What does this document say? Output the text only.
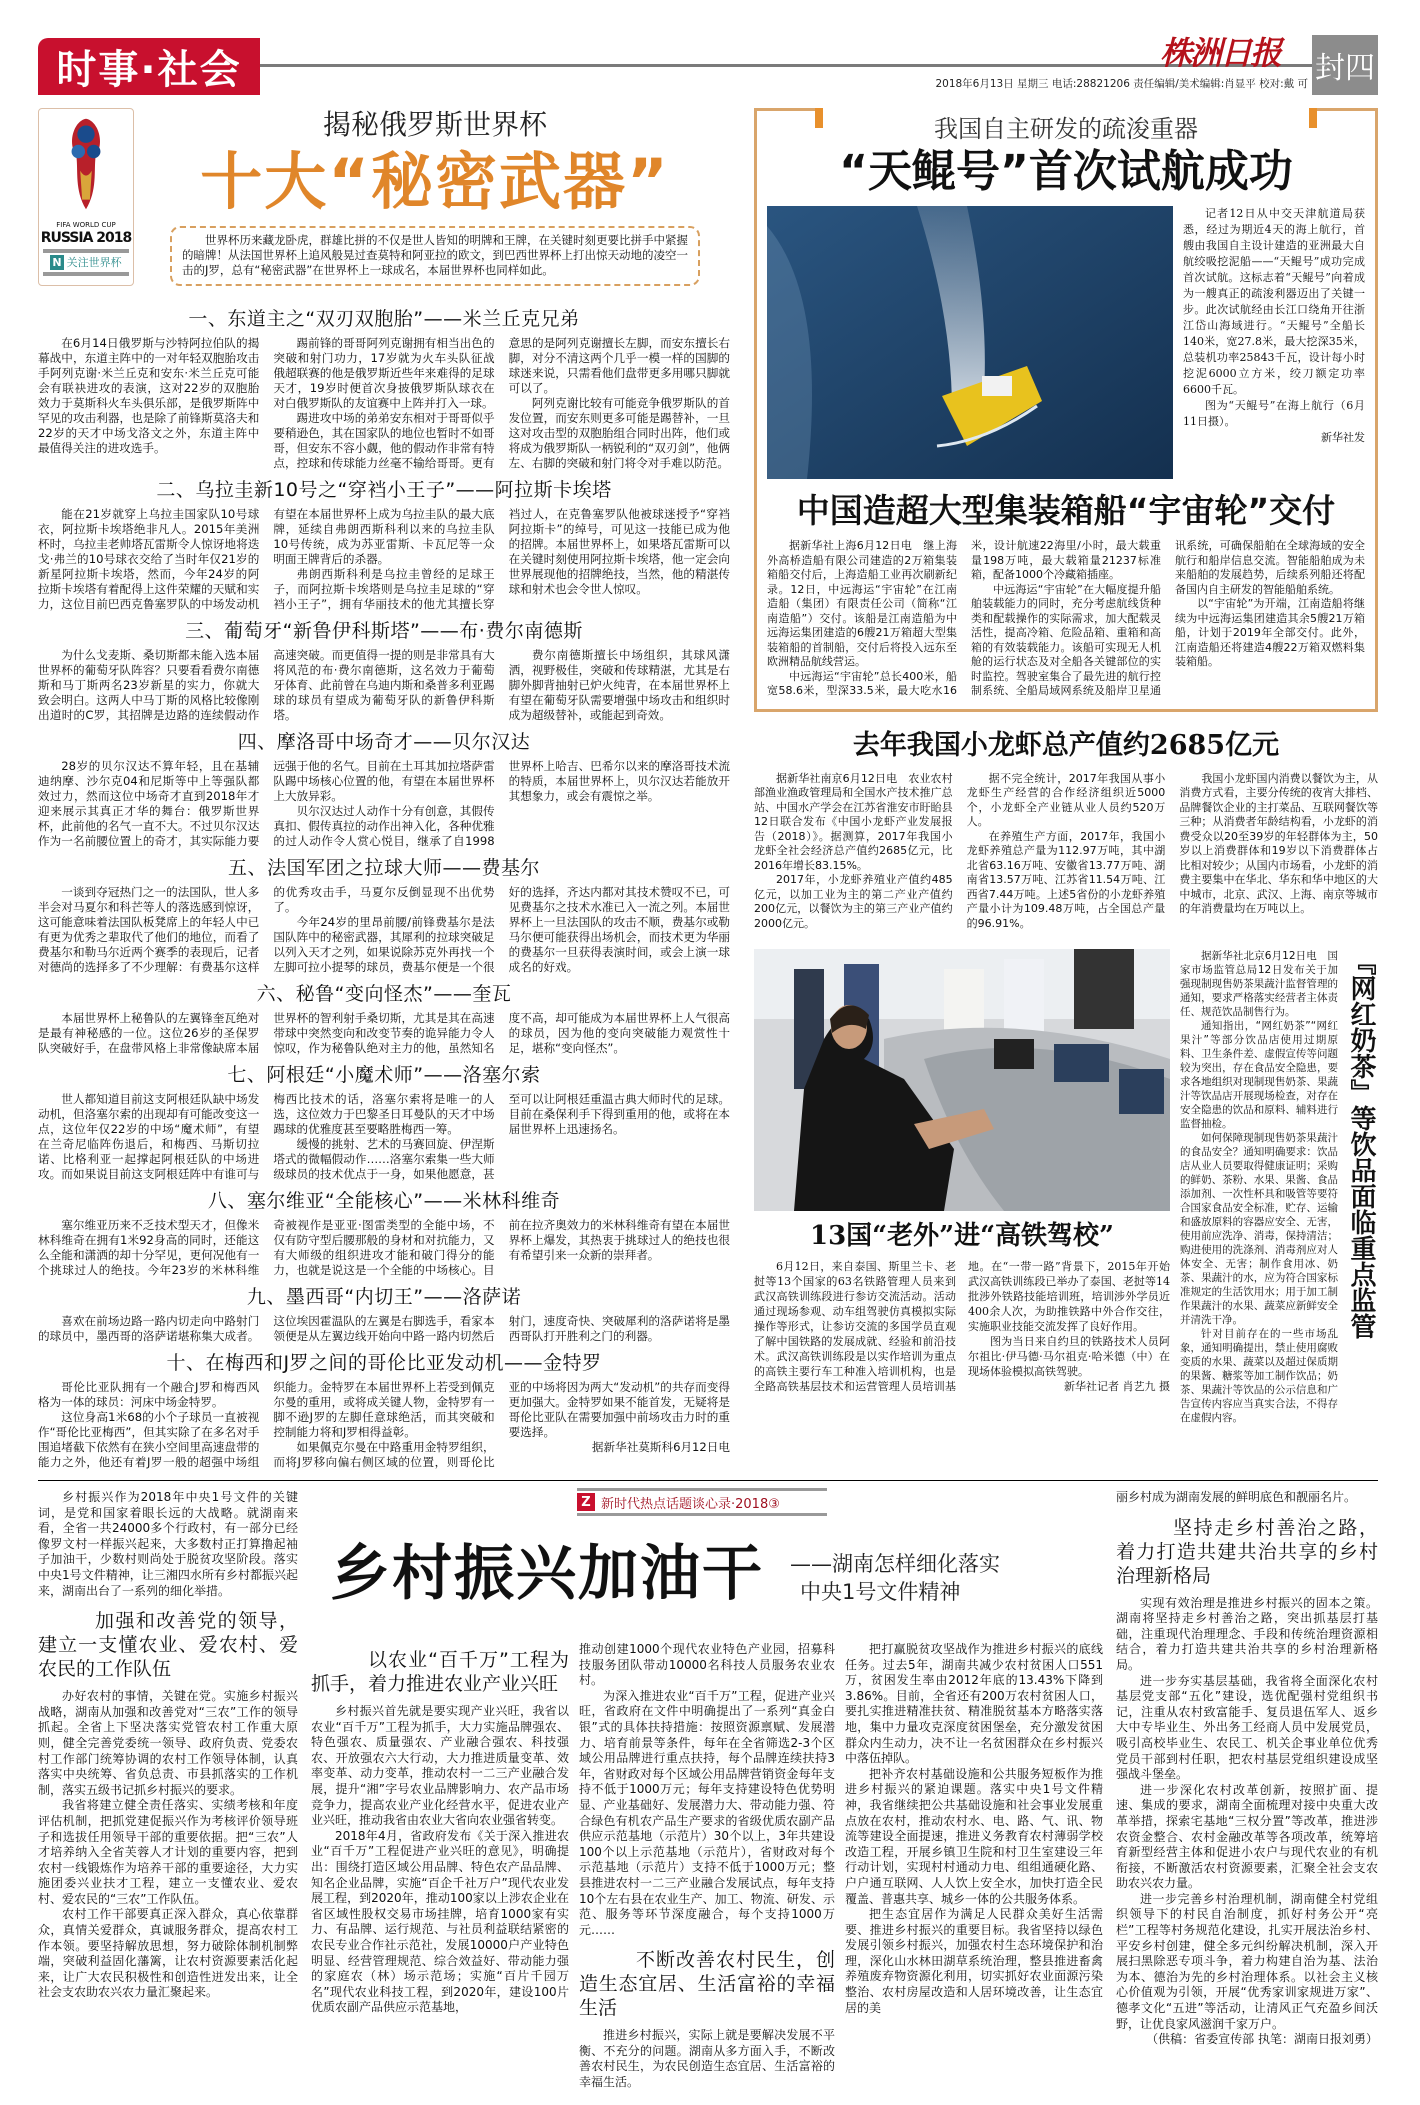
时事·社会	株洲日报	封四
2018年6月13日 星期三 电话:28821206 责任编辑/美术编辑:肖显平 校对:戴 可
FIFA WORLD CUP
RUSSIA 2018
N 关注世界杯
揭秘俄罗斯世界杯
十大“秘密武器”
世界杯历来藏龙卧虎，群雄比拼的不仅是世人皆知的明牌和王牌，在关键时刻更要比拼手中紧握的暗牌！从法国世界杯上追风般晃过查莫特和阿亚拉的欧文，到巴西世界杯上打出惊天动地的凌空一击的J罗，总有“秘密武器”在世界杯上一球成名，本届世界杯也同样如此。
一、东道主之“双刃双胞胎”——米兰丘克兄弟

在6月14日俄罗斯与沙特阿拉伯队的揭幕战中，东道主阵中的一对年轻双胞胎攻击手阿列克谢·米兰丘克和安东·米兰丘克可能会有联袂进攻的表演，这对22岁的双胞胎效力于莫斯科火车头俱乐部，是俄罗斯阵中罕见的攻击利器，也是除了前锋斯莫洛夫和22岁的天才中场戈洛文之外，东道主阵中最值得关注的进攻选手。

踢前锋的哥哥阿列克谢拥有相当出色的突破和射门功力，17岁就为火车头队征战俄超联赛的他是俄罗斯近些年来难得的足球天才，19岁时便首次身披俄罗斯队球衣在对白俄罗斯队的友谊赛中上阵并打入一球。

踢进攻中场的弟弟安东相对于哥哥似乎要稍逊色，其在国家队的地位也暂时不如哥哥，但安东不容小觑，他的假动作非常有特点，控球和传球能力丝毫不输给哥哥。更有意思的是阿列克谢擅长左脚，而安东擅长右脚，对分不清这两个几乎一模一样的国脚的球迷来说，只需看他们盘带更多用哪只脚就可以了。

阿列克谢比较有可能竞争俄罗斯队的首发位置，而安东则更多可能是踢替补，一旦这对攻击型的双胞胎组合同时出阵，他们或将成为俄罗斯队一柄锐利的“双刃剑”，他俩左、右脚的突破和射门将令对手难以防范。

二、乌拉圭新10号之“穿裆小王子”——阿拉斯卡埃塔

能在21岁就穿上乌拉圭国家队10号球衣，阿拉斯卡埃塔绝非凡人。2015年美洲杯时，乌拉圭老帅塔瓦雷斯令人惊讶地将迭戈·弗兰的10号球衣交给了当时年仅21岁的新星阿拉斯卡埃塔，然而，今年24岁的阿拉斯卡埃塔有着配得上这件荣耀的天赋和实力，这位目前巴西克鲁塞罗队的中场发动机有望在本届世界杯上成为乌拉圭队的最大底牌，延续自弗朗西斯科利以来的乌拉圭队10号传统，成为苏亚雷斯、卡瓦尼等一众明面王牌背后的杀器。

弗朗西斯科利是乌拉圭曾经的足球王子，而阿拉斯卡埃塔则是乌拉圭足球的“穿裆小王子”，拥有华丽技术的他尤其擅长穿裆过人，在克鲁塞罗队他被球迷授予“穿裆阿拉斯卡”的绰号，可见这一技能已成为他的招牌。本届世界杯上，如果塔瓦雷斯可以在关键时刻使用阿拉斯卡埃塔，他一定会向世界展现他的招牌绝技，当然，他的精湛传球和射术也会令世人惊叹。

三、葡萄牙“新鲁伊科斯塔”——布·费尔南德斯

为什么戈麦斯、桑切斯都未能入选本届世界杯的葡萄牙队阵容？只要看看费尔南德斯和马丁斯两名23岁新星的实力，你就大致会明白。这两人中马丁斯的风格比较像刚出道时的C罗，其招牌是边路的连续假动作高速突破。而更值得一提的则是非常具有大将风范的布·费尔南德斯，这名效力于葡萄牙体育、此前曾在乌迪内斯和桑普多利亚踢球的球员有望成为葡萄牙队的新鲁伊科斯塔。

费尔南德斯擅长中场组织，其球风潇洒，视野极佳，突破和传球精湛，尤其是右脚外脚背抽射已炉火纯青，在本届世界杯上有望在葡萄牙队需要增强中场攻击和组织时成为超级替补，或能起到奇效。

四、摩洛哥中场奇才——贝尔汉达

28岁的贝尔汉达不算年轻，且在基辅迪纳摩、沙尔克04和尼斯等中上等强队都效过力，然而这位中场奇才直到2018年才迎来展示其真正才华的舞台：俄罗斯世界杯，此前他的名气一直不大。不过贝尔汉达作为一名前腰位置上的奇才，其实际能力要远强于他的名气。目前在土耳其加拉塔萨雷队踢中场核心位置的他，有望在本届世界杯上大放异彩。

贝尔汉达过人动作十分有创意，其假传真扣、假传真拉的动作出神入化，各种优雅的过人动作令人赏心悦目，继承了自1998世界杯上哈吉、巴希尔以来的摩洛哥技术流的特质，本届世界杯上，贝尔汉达若能放开其想象力，或会有震惊之举。

五、法国军团之拉球大师——费基尔

一谈到夺冠热门之一的法国队，世人多半会对马夏尔和科芒等人的落选感到惊讶，这可能意味着法国队板凳席上的年轻人中已有更为优秀之辈取代了他们的地位，而看了费基尔和勒马尔近两个赛季的表现后，记者对德尚的选择多了不少理解：有费基尔这样的优秀攻击手，马夏尔反倒显现不出优势了。

今年24岁的里昂前腰/前锋费基尔是法国队阵中的秘密武器，其犀利的拉球突破足以列入天才之列，如果说除苏克外再找一个左脚可拉小提琴的球员，费基尔便是一个很好的选择，齐达内都对其技术赞叹不已，可见费基尔之技术水准已入一流之列。本届世界杯上一旦法国队的攻击不顺，费基尔或勒马尔便可能获得出场机会，而技术更为华丽的费基尔一旦获得表演时间，或会上演一球成名的好戏。

六、秘鲁“变向怪杰”——奎瓦

本届世界杯上秘鲁队的左翼锋奎瓦绝对是最有神秘感的一位。这位26岁的圣保罗队突破好手，在盘带风格上非常像缺席本届世界杯的智利射手桑切斯，尤其是其在高速带球中突然变向和改变节奏的诡异能力令人惊叹，作为秘鲁队绝对主力的他，虽然知名度不高，却可能成为本届世界杯上人气很高的球员，因为他的变向突破能力观赏性十足，堪称“变向怪杰”。

七、阿根廷“小魔术师”——洛塞尔索

世人都知道目前这支阿根廷队缺中场发动机，但洛塞尔索的出现却有可能改变这一点，这位年仅22岁的中场“魔术师”，有望在兰奇尼临阵伤退后，和梅西、马斯切拉诺、比格利亚一起撑起阿根廷队的中场进攻。而如果说目前这支阿根廷阵中有谁可与梅西比技术的话，洛塞尔索将是唯一的人选，这位效力于巴黎圣日耳曼队的天才中场踢球的优雅度甚至要略胜梅西一筹。

缓慢的挑射、艺术的马赛回旋、伊涅斯塔式的微幅假动作……洛塞尔索集一些大师级球员的技术优点于一身，如果他愿意，甚至可以让阿根廷重温古典大师时代的足球。目前在桑保利手下得到重用的他，或将在本届世界杯上迅速扬名。

八、塞尔维亚“全能核心”——米林科维奇

塞尔维亚历来不乏技术型天才，但像米林科维奇在拥有1米92身高的同时，还能这么全能和潇洒的却十分罕见，更何况他有一个挑球过人的绝技。今年23岁的米林科维奇被视作是亚亚·图雷类型的全能中场，不仅有防守型后腰那般的身材和对抗能力，又有大师级的组织进攻才能和破门得分的能力，也就是说这是一个全能的中场核心。目前在拉齐奥效力的米林科维奇有望在本届世界杯上爆发，其热衷于挑球过人的绝技也很有希望引来一众新的崇拜者。

九、墨西哥“内切王”——洛萨诺

喜欢在前场边路一路内切走向中路射门的球员中，墨西哥的洛萨诺堪称集大成者。这位埃因霍温队的左翼是右脚选手，看家本领便是从左翼边线开始向中路一路内切然后射门，速度奇快、突破犀利的洛萨诺将是墨西哥队打开胜利之门的利器。

十、在梅西和J罗之间的哥伦比亚发动机——金特罗

哥伦比亚队拥有一个融合J罗和梅西风格为一体的球员：河床中场金特罗。

这位身高1米68的小个子球员一直被视作“哥伦比亚梅西”，但其实除了在多名对手围追堵截下依然有在狭小空间里高速盘带的能力之外，他还有着J罗一般的超强中场组织能力。金特罗在本届世界杯上若受到佩克尔曼的重用，或将成关键人物，金特罗有一脚不逊J罗的左脚任意球绝活，而其突破和控制能力将和J罗相得益彰。

如果佩克尔曼在中路重用金特罗组织，而将J罗移向偏右侧区域的位置，则哥伦比亚的中场将因为两大“发动机”的共存而变得更加强大。金特罗如果不能首发，无疑将是哥伦比亚队在需要加强中前场攻击力时的重要选择。

据新华社莫斯科6月12日电

我国自主研发的疏浚重器
“天鲲号”首次试航成功

记者12日从中交天津航道局获悉，经过为期近4天的海上航行，首艘由我国自主设计建造的亚洲最大自航绞吸挖泥船——“天鲲号”成功完成首次试航。这标志着“天鲲号”向着成为一艘真正的疏浚利器迈出了关键一步。此次试航经由长江口绕角开往浙江岱山海域进行。“天鲲号”全船长140米，宽27.8米，最大挖深35米，总装机功率25843千瓦，设计每小时挖泥6000立方米，绞刀额定功率6600千瓦。

图为“天鲲号”在海上航行（6月11日摄）。

新华社发

中国造超大型集装箱船“宇宙轮”交付

据新华社上海6月12日电　继上海外高桥造船有限公司建造的2万箱集装箱船交付后，上海造船工业再次刷新纪录。12日，中远海运“宇宙轮”在江南造船（集团）有限责任公司（简称“江南造船”）交付。该船是江南造船为中远海运集团建造的6艘21万箱超大型集装箱船的首制船，交付后将投入远东至欧洲精品航线营运。

中远海运“宇宙轮”总长400米，船宽58.6米，型深33.5米，最大吃水16米，设计航速22海里/小时，最大载重量198万吨，最大载箱量21237标准箱，配备1000个冷藏箱插座。

中远海运“宇宙轮”在大幅度提升船舶装载能力的同时，充分考虑航线货种类和配载操作的实际需求，加大配载灵活性，提高冷箱、危险品箱、重箱和高箱的有效装载能力。该船可实现无人机舱的运行状态及对全船各关键部位的实时监控。驾驶室集合了最先进的航行控制系统、全船局域网系统及船岸卫星通讯系统，可确保船舶在全球海域的安全航行和船岸信息交流。智能船舶成为未来船舶的发展趋势，后续系列船还将配备国内自主研发的智能船舶系统。

以“宇宙轮”为开端，江南造船将继续为中远海运集团建造其余5艘21万箱船，计划于2019年全部交付。此外，江南造船还将建造4艘22万箱双燃料集装箱船。

去年我国小龙虾总产值约2685亿元

据新华社南京6月12日电　农业农村部渔业渔政管理局和全国水产技术推广总站、中国水产学会在江苏省淮安市盱眙县12日联合发布《中国小龙虾产业发展报告（2018）》。据测算，2017年我国小龙虾全社会经济总产值约2685亿元，比2016年增长83.15%。

2017年，小龙虾养殖业产值约485亿元，以加工业为主的第二产业产值约200亿元，以餐饮为主的第三产业产值约2000亿元。

据不完全统计，2017年我国从事小龙虾生产经营的合作经济组织近5000个，小龙虾全产业链从业人员约520万人。

在养殖生产方面，2017年，我国小龙虾养殖总产量为112.97万吨，其中湖北省63.16万吨、安徽省13.77万吨、湖南省13.57万吨、江苏省11.54万吨、江西省7.44万吨。上述5省份的小龙虾养殖产量小计为109.48万吨，占全国总产量的96.91%。

我国小龙虾国内消费以餐饮为主，从消费方式看，主要分传统的夜宵大排档、品牌餐饮企业的主打菜品、互联网餐饮等三种；从消费者年龄结构看，小龙虾的消费受众以20至39岁的年轻群体为主，50岁以上消费群体和19岁以下消费群体占比相对较少；从国内市场看，小龙虾的消费主要集中在华北、华东和华中地区的大中城市，北京、武汉、上海、南京等城市的年消费量均在万吨以上。

13国“老外”进“高铁驾校”

6月12日，来自泰国、斯里兰卡、老挝等13个国家的63名铁路管理人员来到武汉高铁训练段进行参访交流活动。活动通过现场参观、动车组驾驶仿真模拟实际操作等形式，让参访交流的多国学员直观了解中国铁路的发展成就、经验和前沿技术。武汉高铁训练段是以实作培训为重点的高铁主要行车工种准入培训机构，也是全路高铁基层技术和运营管理人员培训基地。在“一带一路”背景下，2015年开始武汉高铁训练段已举办了泰国、老挝等14批涉外铁路技能培训班，培训涉外学员近400余人次，为助推铁路中外合作交往，实施职业技能交流发挥了良好作用。

图为当日来自约旦的铁路技术人员阿尔祖比·伊马德·马尔祖克·哈米德（中）在现场体验模拟高铁驾驶。

新华社记者 肖艺九 摄

据新华社北京6月12日电　国家市场监管总局12日发布关于加强现制现售奶茶果蔬汁监督管理的通知，要求严格落实经营者主体责任、规范饮品制售行为。

通知指出，“网红奶茶”“网红果汁”等部分饮品店使用过期原料、卫生条件差、虚假宣传等问题较为突出，存在食品安全隐患，要求各地组织对现制现售奶茶、果蔬汁等饮品店开展现场检查，对存在安全隐患的饮品和原料、辅料进行监督抽检。

如何保障现制现售奶茶果蔬汁的食品安全？通知明确要求：饮品店从业人员要取得健康证明；采购的鲜奶、茶粉、水果、果酱、食品添加剂、一次性杯具和吸管等要符合国家食品安全标准，贮存、运输和盛放原料的容器应安全、无害，使用前应洗净、消毒，保持清洁；购进使用的洗涤剂、消毒剂应对人体安全、无害；制作食用冰、奶茶、果蔬汁的水，应为符合国家标准规定的生活饮用水；用于加工制作果蔬汁的水果、蔬菜应新鲜安全并清洗干净。

针对目前存在的一些市场乱象，通知明确提出，禁止使用腐败变质的水果、蔬菜以及超过保质期的果酱、糖浆等加工制作饮品；奶茶、果蔬汁等饮品的公示信息和广告宣传内容应当真实合法，不得存在虚假内容。

『网红奶茶』等饮品面临重点监管
Z 新时代热点话题谈心录·2018③
乡村振兴加油干 ——湖南怎样细化落实
中央1号文件精神

乡村振兴作为2018年中央1号文件的关键词，是党和国家着眼长远的大战略。就湖南来看，全省一共24000多个行政村，有一部分已经像罗文村一样振兴起来，大多数村正打算撸起袖子加油干，少数村则尚处于脱贫攻坚阶段。落实中央1号文件精神，让三湘四水所有乡村都振兴起来，湖南出台了一系列的细化举措。

加强和改善党的领导，建立一支懂农业、爱农村、爱农民的工作队伍

办好农村的事情，关键在党。实施乡村振兴战略，湖南从加强和改善党对“三农”工作的领导抓起。全省上下坚决落实党管农村工作重大原则，健全完善党委统一领导、政府负责、党委农村工作部门统筹协调的农村工作领导体制，认真落实中央统筹、省负总责、市县抓落实的工作机制，落实五级书记抓乡村振兴的要求。

我省将建立健全责任落实、实绩考核和年度评估机制，把抓党建促振兴作为考核评价领导班子和选拔任用领导干部的重要依据。把“三农”人才培养纳入全省芙蓉人才计划的重要内容，把到农村一线锻炼作为培养干部的重要途径，大力实施团委兴业扶才工程，建立一支懂农业、爱农村、爱农民的“三农”工作队伍。

农村工作干部要真正深入群众，真心依靠群众，真情关爱群众，真诚服务群众，提高农村工作本领。要坚持解放思想，努力破除体制机制弊端，突破利益固化藩篱，让农村资源要素活化起来，让广大农民积极性和创造性迸发出来，让全社会支农助农兴农力量汇聚起来。

以农业“百千万”工程为抓手，着力推进农业产业兴旺

乡村振兴首先就是要实现产业兴旺，我省以农业“百千万”工程为抓手，大力实施品牌强农、特色强农、质量强农、产业融合强农、科技强农、开放强农六大行动，大力推进质量变革、效率变革、动力变革，推动农村一二三产业融合发展，提升“湘”字号农业品牌影响力、农产品市场竞争力，提高农业产业化经营水平，促进农业产业兴旺，推动我省由农业大省向农业强省转变。

2018年4月，省政府发布《关于深入推进农业“百千万”工程促进产业兴旺的意见》，明确提出：围绕打造区域公用品牌、特色农产品品牌、知名企业品牌，实施“百企千社万户”现代农业发展工程，到2020年，推动100家以上涉农企业在省区域性股权交易市场挂牌，培育1000家有实力、有品牌、运行规范、与社员利益联结紧密的农民专业合作社示范社，发展10000户产业特色明显、经营管理规范、综合效益好、带动能力强的家庭农（林）场示范场；实施“百片千园万名”现代农业科技工程，到2020年，建设100片优质农副产品供应示范基地，

推动创建1000个现代农业特色产业园，招募科技服务团队带动10000名科技人员服务农业农村。

为深入推进农业“百千万”工程，促进产业兴旺，省政府在文件中明确提出了一系列“真金白银”式的具体扶持措施：按照资源禀赋、发展潜力、培育前景等条件，每年在全省筛选2-3个区域公用品牌进行重点扶持，每个品牌连续扶持3年，省财政对每个区域公用品牌营销资金每年支持不低于1000万元；每年支持建设特色优势明显、产业基础好、发展潜力大、带动能力强、符合绿色有机农产品生产要求的省级优质农副产品供应示范基地（示范片）30个以上，3年共建设100个以上示范基地（示范片），省财政对每个示范基地（示范片）支持不低于1000万元；整县推进农村一二三产业融合发展试点，每年支持10个左右县在农业生产、加工、物流、研发、示范、服务等环节深度融合，每个支持1000万元……

不断改善农村民生，创造生态宜居、生活富裕的幸福生活

推进乡村振兴，实际上就是要解决发展不平衡、不充分的问题。湖南从多方面入手，不断改善农村民生，为农民创造生态宜居、生活富裕的幸福生活。

把打赢脱贫攻坚战作为推进乡村振兴的底线任务。过去5年，湖南共减少农村贫困人口551万，贫困发生率由2012年底的13.43%下降到3.86%。目前，全省还有200万农村贫困人口，要扎实推进精准扶贫、精准脱贫基本方略落实落地，集中力量攻克深度贫困堡垒，充分激发贫困群众内生动力，决不让一名贫困群众在乡村振兴中落伍掉队。

把补齐农村基础设施和公共服务短板作为推进乡村振兴的紧迫课题。落实中央1号文件精神，我省继续把公共基础设施和社会事业发展重点放在农村，推动农村水、电、路、气、讯、物流等建设全面提速，推进义务教育农村薄弱学校改造工程，开展乡镇卫生院和村卫生室建设三年行动计划，实现村村通动力电、组组通硬化路、户户通互联网、人人饮上安全水，加快打造全民覆盖、普惠共享、城乡一体的公共服务体系。

把生态宜居作为满足人民群众美好生活需要、推进乡村振兴的重要目标。我省坚持以绿色发展引领乡村振兴，加强农村生态环境保护和治理，深化山水林田湖草系统治理，整县推进畜禽养殖废弃物资源化利用，切实抓好农业面源污染整治、农村房屋改造和人居环境改善，让生态宜居的美

丽乡村成为湖南发展的鲜明底色和靓丽名片。

坚持走乡村善治之路，着力打造共建共治共享的乡村治理新格局

实现有效治理是推进乡村振兴的固本之策。湖南将坚持走乡村善治之路，突出抓基层打基础，注重现代治理理念、手段和传统治理资源相结合，着力打造共建共治共享的乡村治理新格局。

进一步夯实基层基础，我省将全面深化农村基层党支部“五化”建设，选优配强村党组织书记，注重从农村致富能手、复员退伍军人、返乡大中专毕业生、外出务工经商人员中发展党员，吸引高校毕业生、农民工、机关企事业单位优秀党员干部到村任职，把农村基层党组织建设成坚强战斗堡垒。

进一步深化农村改革创新，按照扩面、提速、集成的要求，湖南全面梳理对接中央重大改革举措，探索宅基地“三权分置”等改革，推进涉农资金整合、农村金融改革等各项改革，统筹培育新型经营主体和促进小农户与现代农业的有机衔接，不断激活农村资源要素，汇聚全社会支农助农兴农力量。

进一步完善乡村治理机制，湖南健全村党组织领导下的村民自治制度，抓好村务公开“亮栏”工程等村务规范化建设，扎实开展法治乡村、平安乡村创建，健全多元纠纷解决机制，深入开展扫黑除恶专项斗争，着力构建自治为基、法治为本、德治为先的乡村治理体系。以社会主义核心价值观为引领，开展“优秀家训家规进万家”、德孝文化“五进”等活动，让清风正气充盈乡间沃野，让优良家风滋润千家万户。

（供稿：省委宣传部 执笔：湖南日报刘勇）
